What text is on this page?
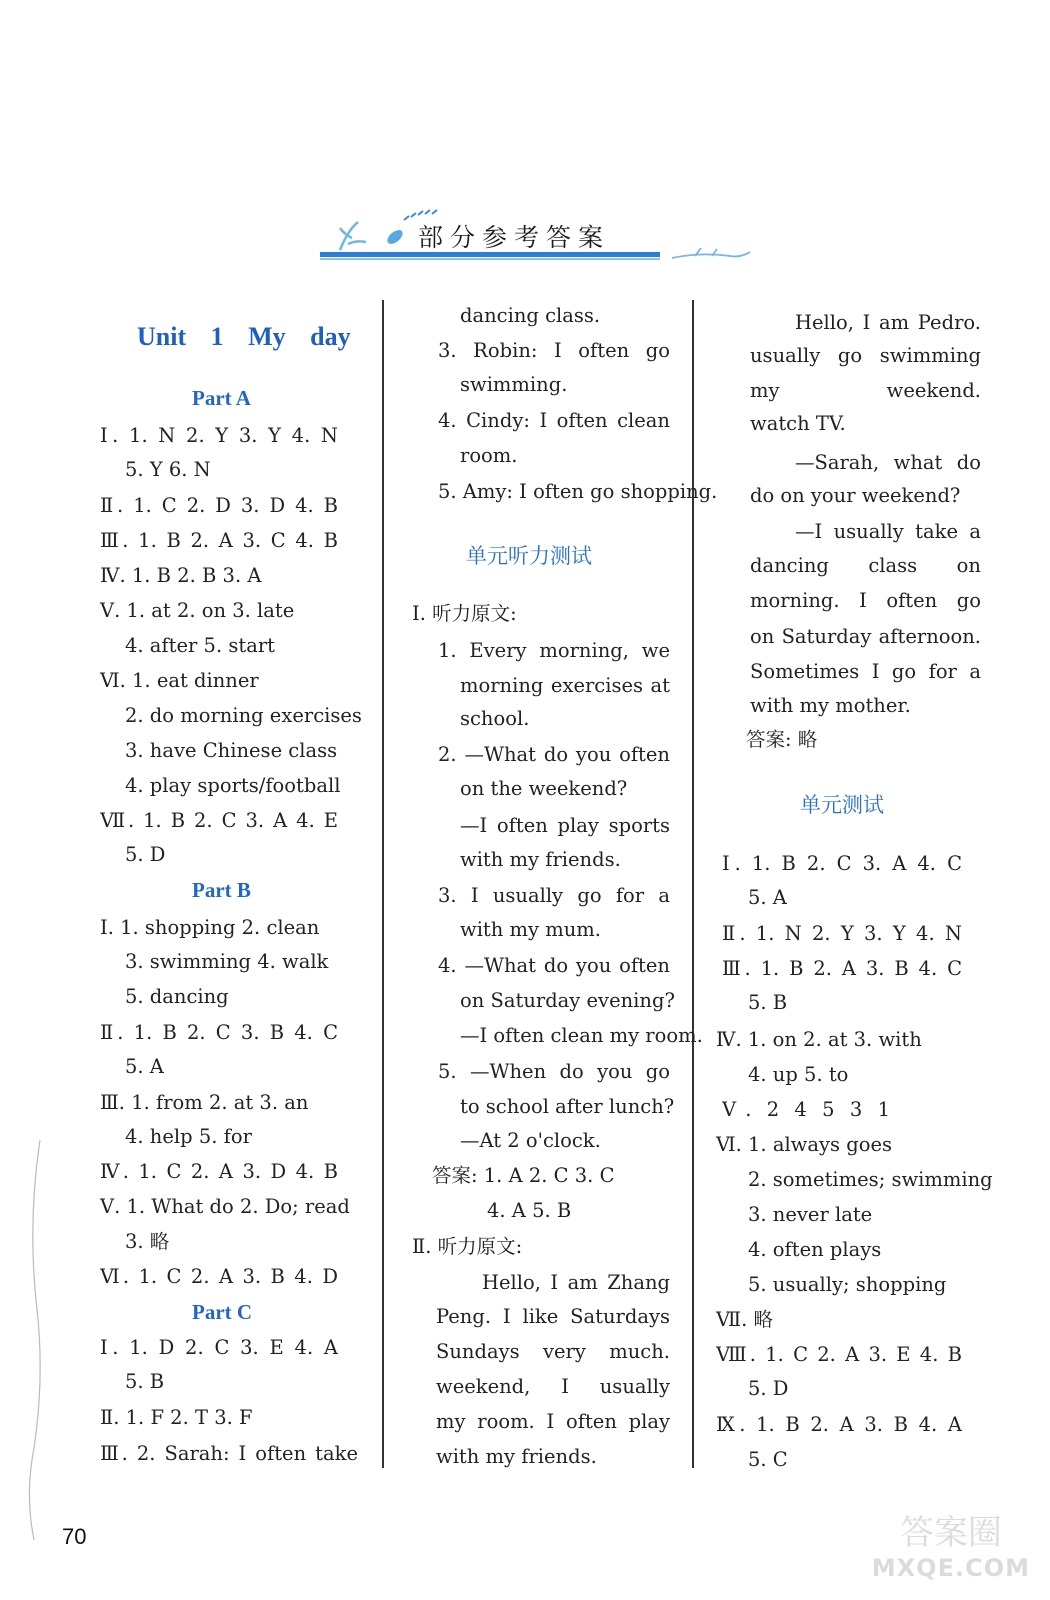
部分参考答案
Unit 1 My day
Part A
Ⅰ. 1. N 2. Y 3. Y 4. N
5. Y 6. N
Ⅱ. 1. C 2. D 3. D 4. B
Ⅲ. 1. B 2. A 3. C 4. B
Ⅳ. 1. B 2. B 3. A
Ⅴ. 1. at 2. on 3. late
4. after 5. start
Ⅵ. 1. eat dinner
2. do morning exercises
3. have Chinese class
4. play sports/football
Ⅶ. 1. B 2. C 3. A 4. E
5. D
Part B
Ⅰ. 1. shopping 2. clean
3. swimming 4. walk
5. dancing
Ⅱ. 1. B 2. C 3. B 4. C
5. A
Ⅲ. 1. from 2. at 3. an
4. help 5. for
Ⅳ. 1. C 2. A 3. D 4. B
Ⅴ. 1. What do 2. Do; read
3. 略
Ⅵ. 1. C 2. A 3. B 4. D
Part C
Ⅰ. 1. D 2. C 3. E 4. A
5. B
Ⅱ. 1. F 2. T 3. F
Ⅲ. 2. Sarah: I often take
dancing class.
3. Robin: I often go
swimming.
4. Cindy: I often clean
room.
5. Amy: I often go shopping.
单元听力测试
Ⅰ. 听力原文:
1. Every morning, we
morning exercises at
school.
2. —What do you often
on the weekend?
—I often play sports
with my friends.
3. I usually go for a
with my mum.
4. —What do you often
on Saturday evening?
—I often clean my room.
5. —When do you go
to school after lunch?
—At 2 o'clock.
答案: 1. A 2. C 3. C
4. A 5. B
Ⅱ. 听力原文:
Hello, I am Zhang
Peng. I like Saturdays
Sundays very much.
weekend, I usually
my room. I often play
with my friends.
Hello, I am Pedro.
usually go swimming
my weekend.
watch TV.
—Sarah, what do
do on your weekend?
—I usually take a
dancing class on
morning. I often go
on Saturday afternoon.
Sometimes I go for a
with my mother.
答案: 略
单元测试
Ⅰ. 1. B 2. C 3. A 4. C
5. A
Ⅱ. 1. N 2. Y 3. Y 4. N
Ⅲ. 1. B 2. A 3. B 4. C
5. B
Ⅳ. 1. on 2. at 3. with
4. up 5. to
Ⅴ. 2 4 5 3 1
Ⅵ. 1. always goes
2. sometimes; swimming
3. never late
4. often plays
5. usually; shopping
Ⅶ. 略
Ⅷ. 1. C 2. A 3. E 4. B
5. D
Ⅸ. 1. B 2. A 3. B 4. A
5. C
70	答案圈
MXQE.COM
